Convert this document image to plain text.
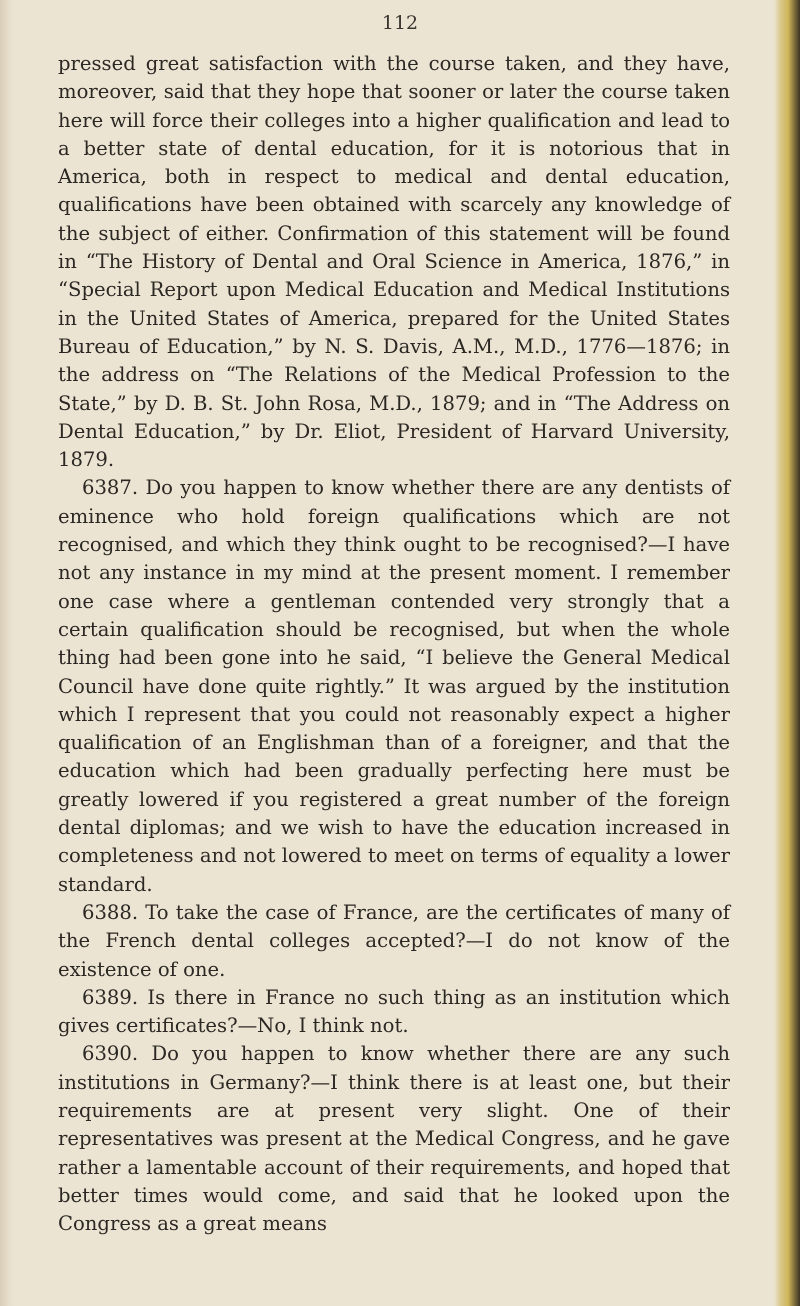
112

pressed great satisfaction with the course taken, and they have, moreover, said that they hope that sooner or later the course taken here will force their colleges into a higher qualification and lead to a better state of dental education, for it is notorious that in America, both in respect to medical and dental education, qualifications have been obtained with scarcely any knowledge of the subject of either. Confirmation of this statement will be found in “The History of Dental and Oral Science in America, 1876,” in “Special Report upon Medical Education and Medical Institutions in the United States of America, prepared for the United States Bureau of Education,” by N. S. Davis, A.M., M.D., 1776—1876; in the address on “The Relations of the Medical Profession to the State,” by D. B. St. John Rosa, M.D., 1879; and in “The Address on Dental Education,” by Dr. Eliot, President of Harvard University, 1879.

6387. Do you happen to know whether there are any dentists of eminence who hold foreign qualifications which are not recognised, and which they think ought to be recognised?—I have not any instance in my mind at the present moment. I remember one case where a gentleman contended very strongly that a certain qualification should be recognised, but when the whole thing had been gone into he said, “I believe the General Medical Council have done quite rightly.” It was argued by the institution which I represent that you could not reasonably expect a higher qualification of an Englishman than of a foreigner, and that the education which had been gradually perfecting here must be greatly lowered if you registered a great number of the foreign dental diplomas; and we wish to have the education increased in completeness and not lowered to meet on terms of equality a lower standard.

6388. To take the case of France, are the certificates of many of the French dental colleges accepted?—I do not know of the existence of one.

6389. Is there in France no such thing as an institution which gives certificates?—No, I think not.

6390. Do you happen to know whether there are any such institutions in Germany?—I think there is at least one, but their requirements are at present very slight. One of their representatives was present at the Medical Congress, and he gave rather a lamentable account of their requirements, and hoped that better times would come, and said that he looked upon the Congress as a great means
